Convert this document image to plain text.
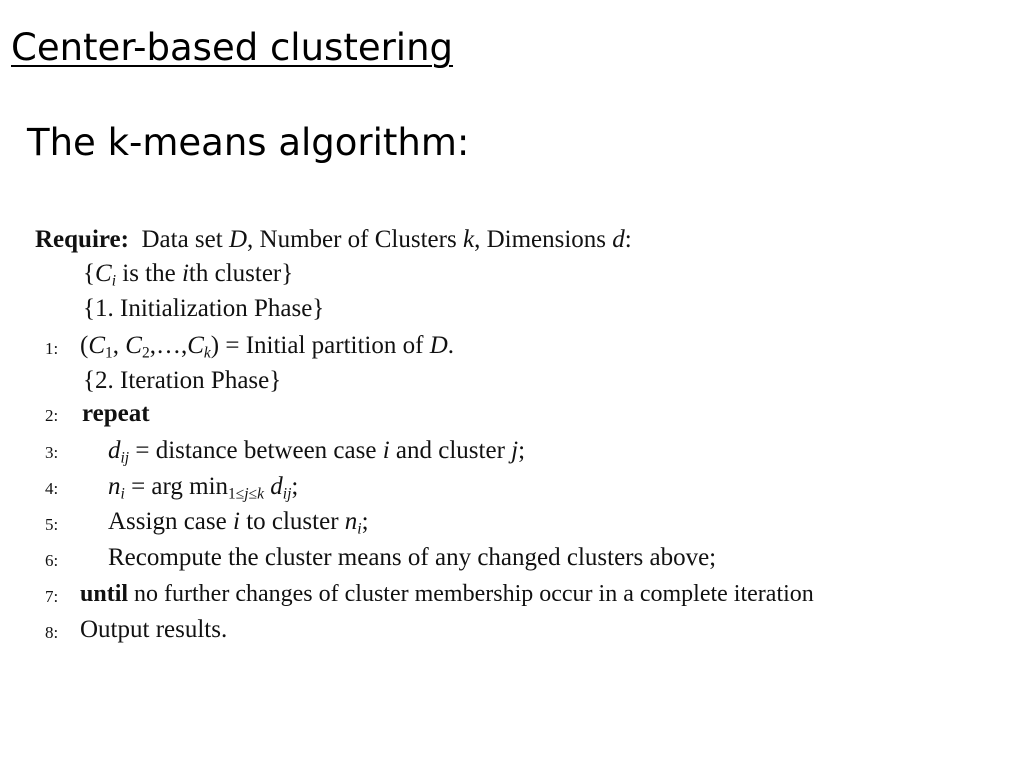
Center-based clustering
The k-means algorithm:
Require:  Data set D, Number of Clusters k, Dimensions d:
{$C_i$ is the ith cluster}
{1. Initialization Phase}
1: ($C_1$, $C_2,\dots,C_k$) = Initial partition of D.
{2. Iteration Phase}
2: repeat
3: $d_{ij}$ = distance between case i and cluster j;
4: $n_i$ = arg $\min_{1\le j\le k} d_{ij}$;
5: Assign case i to cluster $n_i$;
6: Recompute the cluster means of any changed clusters above;
7: until no further changes of cluster membership occur in a complete iteration
8: Output results.
